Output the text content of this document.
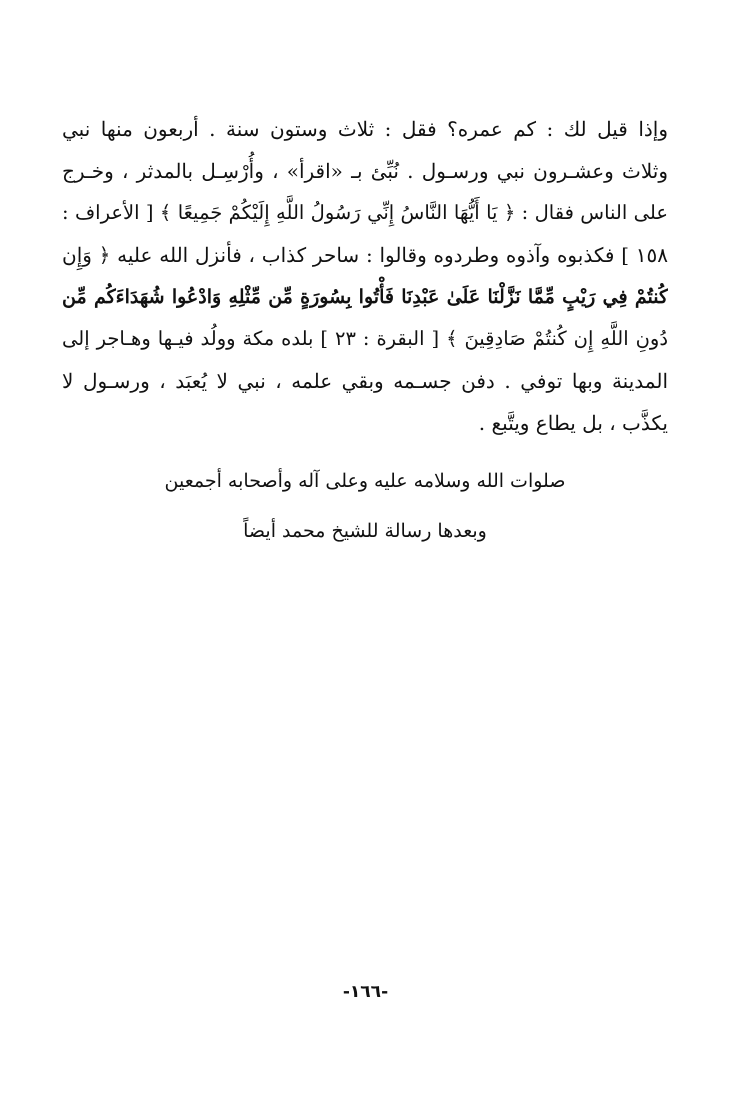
وإذا قيل لك : كم عمره؟ فقل : ثلاث وستون سنة . أربعون منها نبي
وثلاث وعشـرون نبي ورسـول . نُبِّئ بـ «اقرأ» ، وأُرْسِـل بالمدثر ، وخـرج
على الناس فقال : ﴿ يَا أَيُّهَا النَّاسُ إِنِّي رَسُولُ اللَّهِ إِلَيْكُمْ جَمِيعًا ﴾ [ الأعراف :
١٥٨ ] فكذبوه وآذوه وطردوه وقالوا : ساحر كذاب ، فأنزل الله عليه ﴿ وَإِن
كُنتُمْ فِي رَيْبٍ مِّمَّا نَزَّلْنَا عَلَىٰ عَبْدِنَا فَأْتُوا بِسُورَةٍ مِّن مِّثْلِهِ وَادْعُوا شُهَدَاءَكُم مِّن
دُونِ اللَّهِ إِن كُنتُمْ صَادِقِينَ ﴾ [ البقرة : ٢٣ ] بلده مكة وولُد فيـها وهـاجر إلى
المدينة وبها توفي . دفن جسـمه وبقي علمه ، نبي لا يُعبَد ، ورسـول لا
يكذَّب ، بل يطاع ويتَّبع .
صلوات الله وسلامه عليه وعلى آله وأصحابه أجمعين
وبعدها رسالة للشيخ محمد أيضاً
-١٦٦-
